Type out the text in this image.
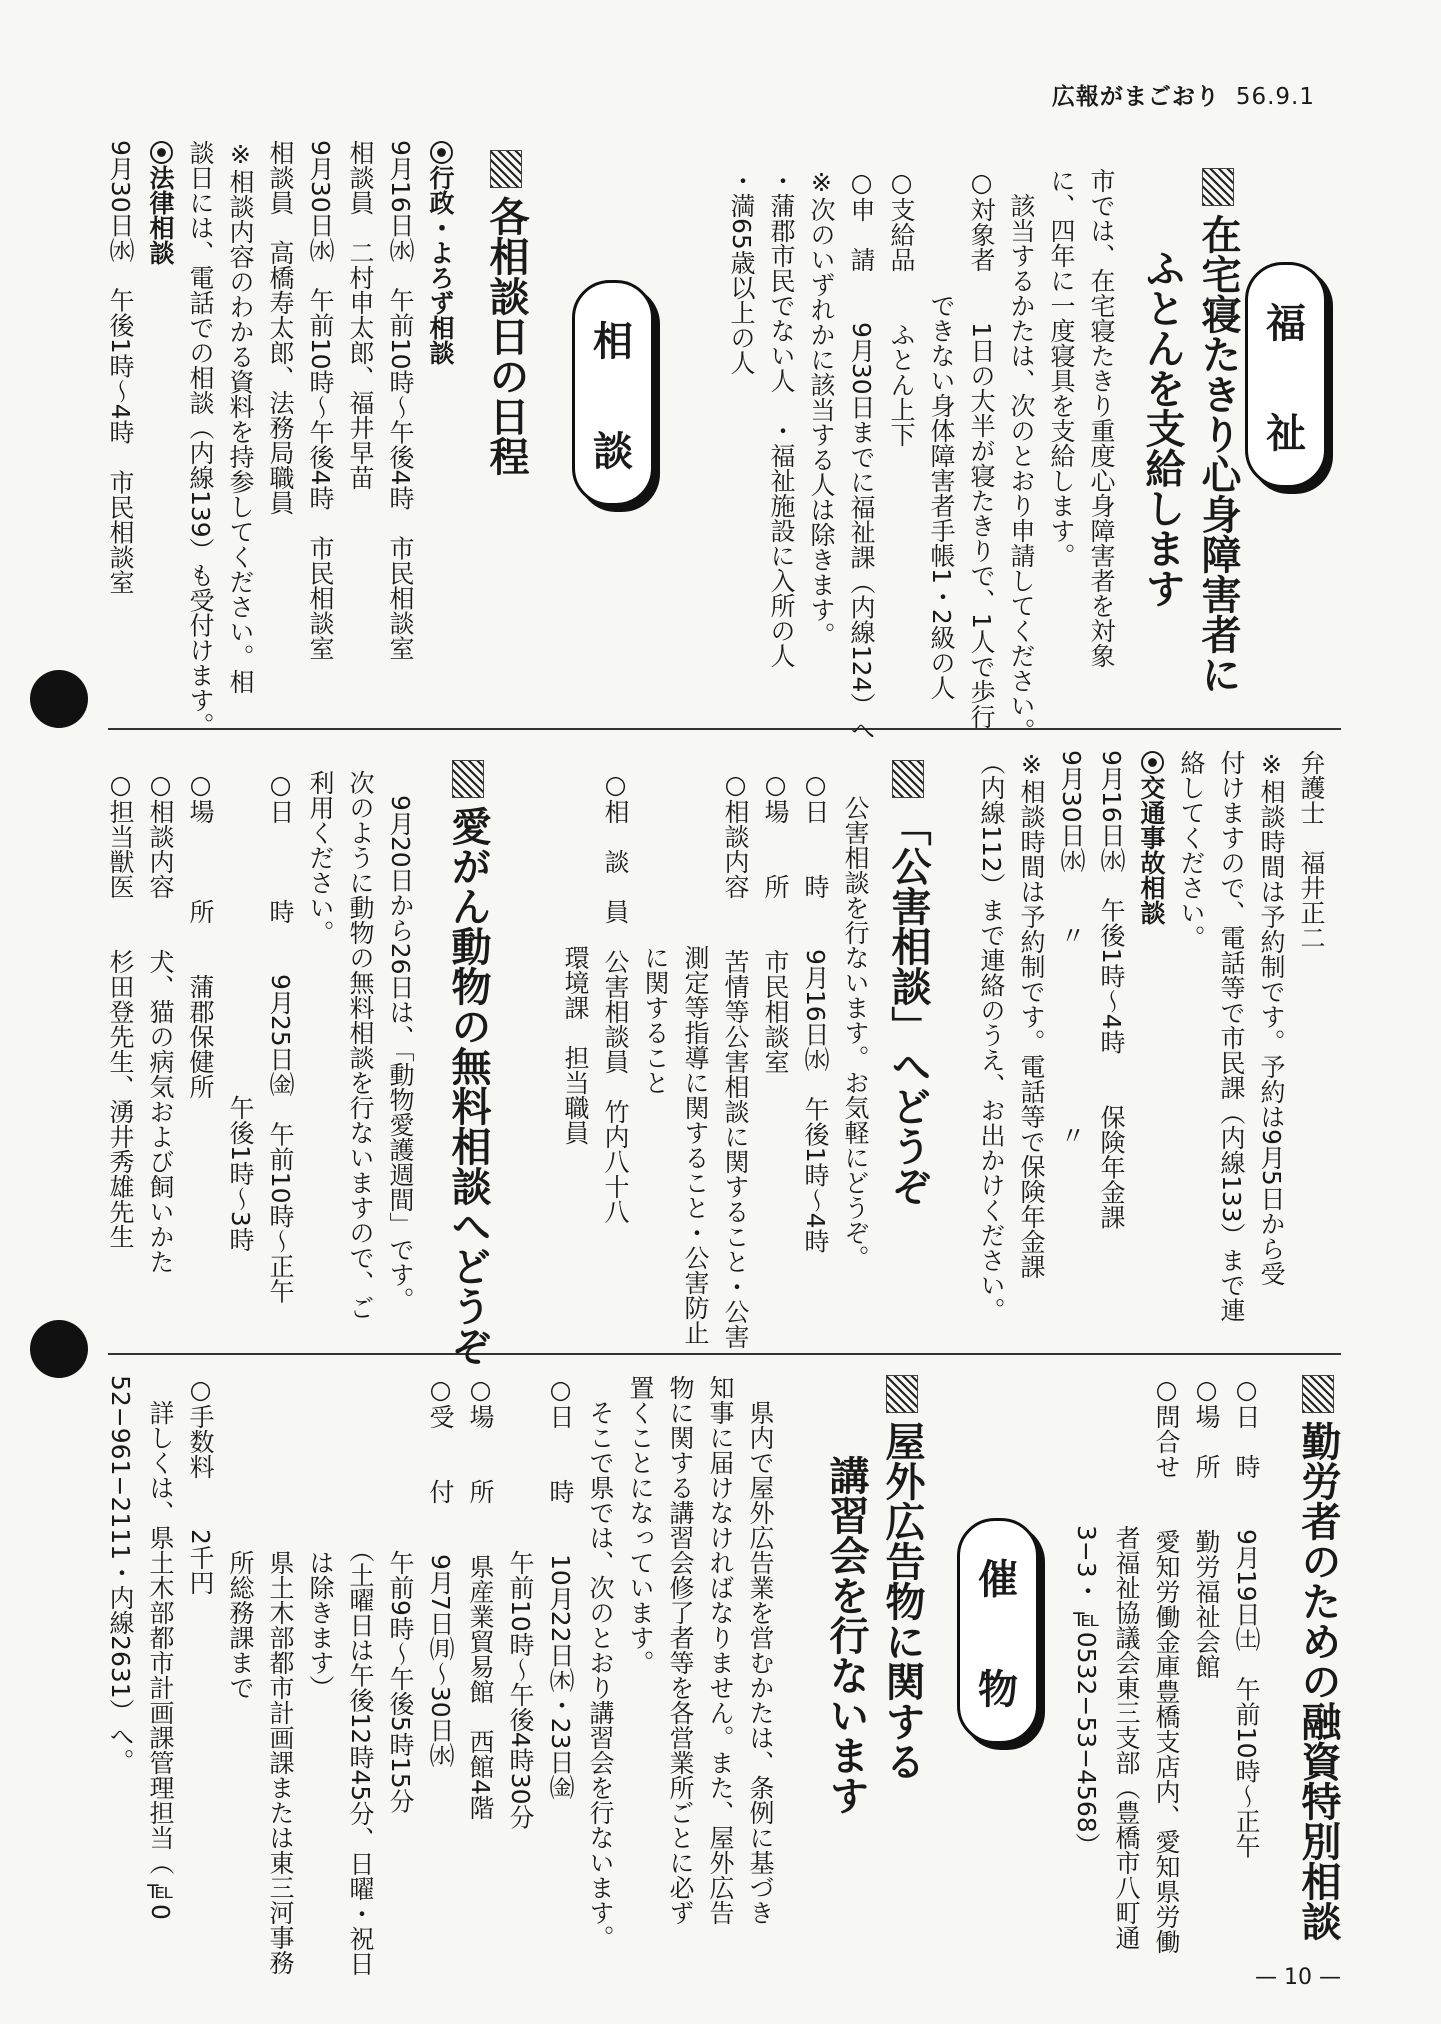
広報がまごおり 56.9.1
福
祉

在宅寝たきり心身障害者に

　　ふとんを支給します

市では、在宅寝たきり重度心身障害者を対象

に、四年に一度寝具を支給します。

　該当するかたは、次のとおり申請してください。

○対象者　　1日の大半が寝たきりで、1人で歩行

　　　　　できない身体障害者手帳1・2級の人

○支給品　　ふとん上下

○申　請　　9月30日までに福祉課（内線124）へ

※次のいずれかに該当する人は除きます。

・蒲郡市民でない人　・福祉施設に入所の人

・満65歳以上の人

相
談

各相談日の日程

⦿行政・よろず相談

9月16日㈬　午前10時〜午後4時　市民相談室

相談員　二村申太郎、福井早苗

9月30日㈬　午前10時〜午後4時　市民相談室

相談員　高橋寿太郎、法務局職員

※相談内容のわかる資料を持参してください。相

談日には、電話での相談（内線139）も受付けます。

⦿法律相談

9月30日㈬　午後1時〜4時　市民相談室

弁護士　福井正二

※相談時間は予約制です。予約は9月5日から受

付けますので、電話等で市民課（内線133）まで連

絡してください。

⦿交通事故相談

9月16日㈬　午後1時〜4時　　保険年金課

9月30日㈬　　〃　　　　　　　〃

※相談時間は予約制です。電話等で保険年金課

（内線112）まで連絡のうえ、お出かけください。

「公害相談」へどうぞ

　公害相談を行ないます。お気軽にどうぞ。

○日　　時　　9月16日㈬　午後1時〜4時

○場　　所　　市民相談室

○相談内容　　苦情等公害相談に関すること・公害

　　　　　　　測定等指導に関すること・公害防止

　　　　　　　に関すること

○相　談　員　公害相談員　竹内八十八

　　　　　　　環境課　担当職員

愛がん動物の無料相談へどうぞ

　9月20日から26日は、「動物愛護週間」です。

次のように動物の無料相談を行ないますので、ご

利用ください。

○日　　　時　　9月25日㈮　午前10時〜正午

　　　　　　　　　　　　　午後1時〜3時

○場　　　所　　蒲郡保健所

○相談内容　　犬、猫の病気および飼いかた

○担当獣医　　杉田登先生、湧井秀雄先生

勤労者のための融資特別相談

○日　時　　9月19日㈯　午前10時〜正午

○場　所　　勤労福祉会館

○問合せ　　愛知労働金庫豊橋支店内、愛知県労働

　　　　　　者福祉協議会東三支部（豊橋市八町通

　　　　　　3−3・℡0532−53−4568）

催
物

屋外広告物に関する

　　講習会を行ないます

　県内で屋外広告業を営むかたは、条例に基づき

知事に届けなければなりません。また、屋外広告

物に関する講習会修了者等を各営業所ごとに必ず

置くことになっています。

　そこで県では、次のとおり講習会を行ないます。

○日　　時　　10月22日㈭・23日㈮

　　　　　　　午前10時〜午後4時30分

○場　　所　　県産業貿易館　西館4階

○受　　付　　9月7日㈪〜30日㈬

　　　　　　　午前9時〜午後5時15分

　　　　　　　（土曜日は午後12時45分、日曜・祝日

　　　　　　　は除きます）

　　　　　　　県土木部都市計画課または東三河事務

　　　　　　　所総務課まで

○手数料　　2千円

　詳しくは、県土木部都市計画課管理担当（℡0

52−961−2111・内線2631）へ。

— 10 —
